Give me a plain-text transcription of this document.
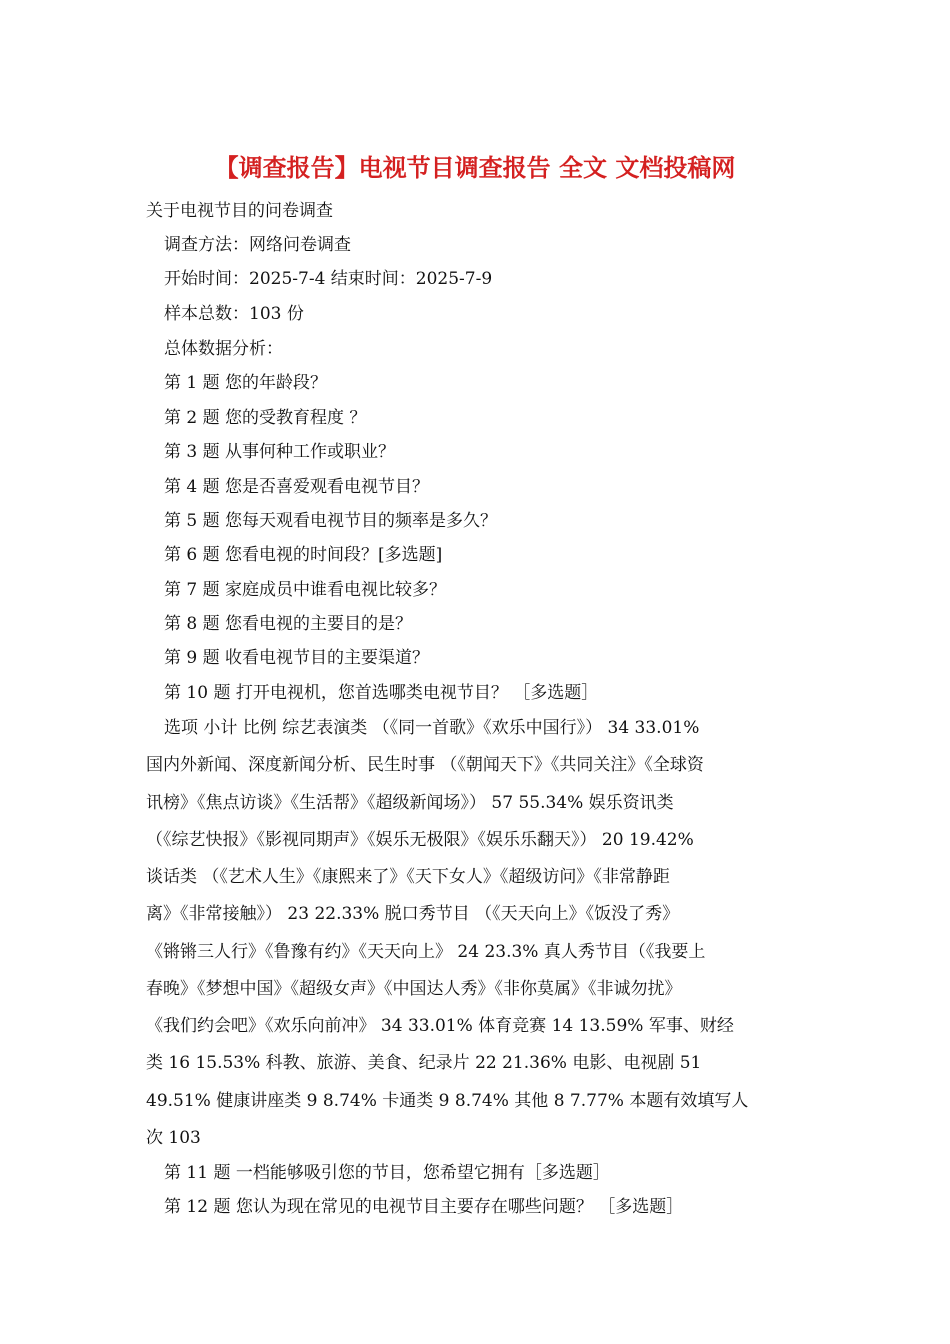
【调查报告】电视节目调查报告 全文 文档投稿网
关于电视节目的问卷调查
调查方法：网络问卷调查
开始时间：2025-7-4 结束时间：2025-7-9
样本总数：103 份
总体数据分析：
第 1 题 您的年龄段？
第 2 题 您的受教育程度 ？
第 3 题 从事何种工作或职业？
第 4 题 您是否喜爱观看电视节目？
第 5 题 您每天观看电视节目的频率是多久？
第 6 题 您看电视的时间段？[多选题]
第 7 题 家庭成员中谁看电视比较多？
第 8 题 您看电视的主要目的是？
第 9 题 收看电视节目的主要渠道？
第 10 题 打开电视机，您首选哪类电视节目？ ［多选题］
选项 小计 比例 综艺表演类 （《同一首歌》《欢乐中国行》） 34 33.01%
国内外新闻、深度新闻分析、民生时事 （《朝闻天下》《共同关注》《全球资
讯榜》《焦点访谈》《生活帮》《超级新闻场》） 57 55.34% 娱乐资讯类
（《综艺快报》《影视同期声》《娱乐无极限》《娱乐乐翻天》） 20 19.42%
谈话类 （《艺术人生》《康熙来了》《天下女人》《超级访问》《非常静距
离》《非常接触》） 23 22.33% 脱口秀节目 （《天天向上》《饭没了秀》
《锵锵三人行》《鲁豫有约》《天天向上》 24 23.3% 真人秀节目（《我要上
春晚》《梦想中国》《超级女声》《中国达人秀》《非你莫属》《非诚勿扰》
《我们约会吧》《欢乐向前冲》 34 33.01% 体育竞赛 14 13.59% 军事、财经
类 16 15.53% 科教、旅游、美食、纪录片 22 21.36% 电影、电视剧 51
49.51% 健康讲座类 9 8.74% 卡通类 9 8.74% 其他 8 7.77% 本题有效填写人
次 103
第 11 题 一档能够吸引您的节目，您希望它拥有［多选题］
第 12 题 您认为现在常见的电视节目主要存在哪些问题？ ［多选题］
